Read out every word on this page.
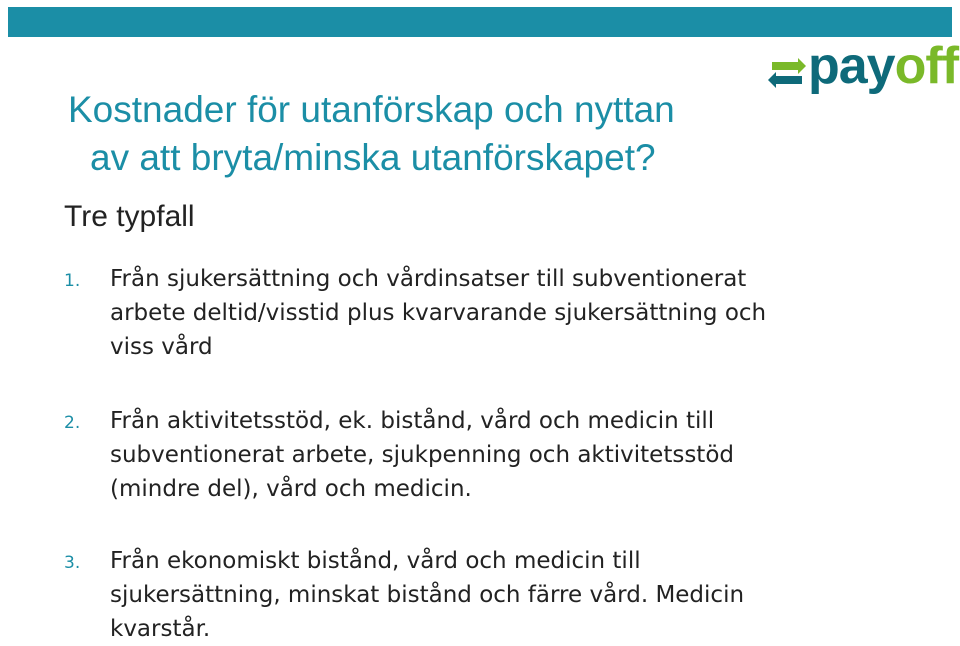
payoff
Kostnader för utanförskap och nyttan
av att bryta/minska utanförskapet?
Tre typfall
1. Från sjukersättning och vårdinsatser till subventionerat
arbete deltid/visstid plus kvarvarande sjukersättning och
viss vård
2. Från aktivitetsstöd, ek. bistånd, vård och medicin till
subventionerat arbete, sjukpenning och aktivitetsstöd
(mindre del), vård och medicin.
3. Från ekonomiskt bistånd, vård och medicin till
sjukersättning, minskat bistånd och färre vård. Medicin
kvarstår.
